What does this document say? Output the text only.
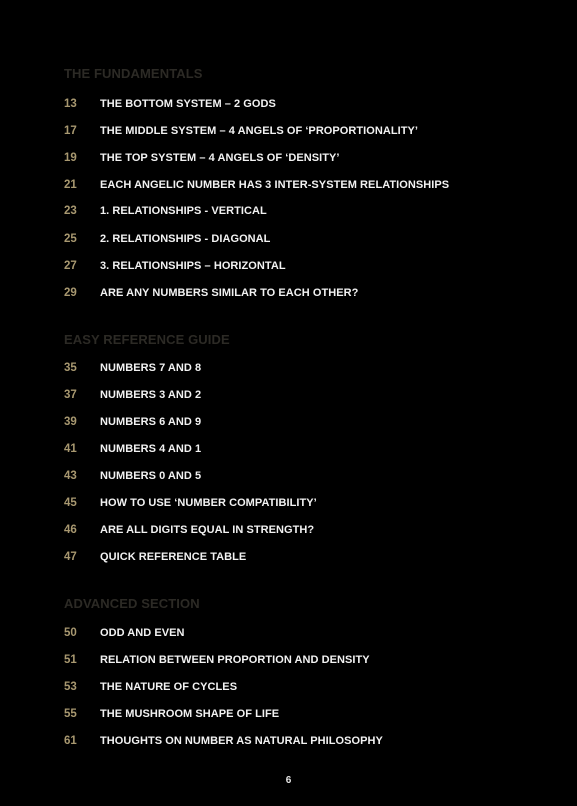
THE FUNDAMENTALS
13	THE BOTTOM SYSTEM – 2 GODS
17	THE MIDDLE SYSTEM – 4 ANGELS OF ‘PROPORTIONALITY’
19	THE TOP SYSTEM – 4 ANGELS OF ‘DENSITY’
21	EACH ANGELIC NUMBER HAS 3 INTER-SYSTEM RELATIONSHIPS
23	1. RELATIONSHIPS - VERTICAL
25	2. RELATIONSHIPS - DIAGONAL
27	3. RELATIONSHIPS – HORIZONTAL
29	ARE ANY NUMBERS SIMILAR TO EACH OTHER?
EASY REFERENCE GUIDE
35	NUMBERS 7 AND 8
37	NUMBERS 3 AND 2
39	NUMBERS 6 AND 9
41	NUMBERS 4 AND 1
43	NUMBERS 0 AND 5
45	HOW TO USE ‘NUMBER COMPATIBILITY’
46	ARE ALL DIGITS EQUAL IN STRENGTH?
47	QUICK REFERENCE TABLE
ADVANCED SECTION
50	ODD AND EVEN
51	RELATION BETWEEN PROPORTION AND DENSITY
53	THE NATURE OF CYCLES
55	THE MUSHROOM SHAPE OF LIFE
61	THOUGHTS ON NUMBER AS NATURAL PHILOSOPHY
6
